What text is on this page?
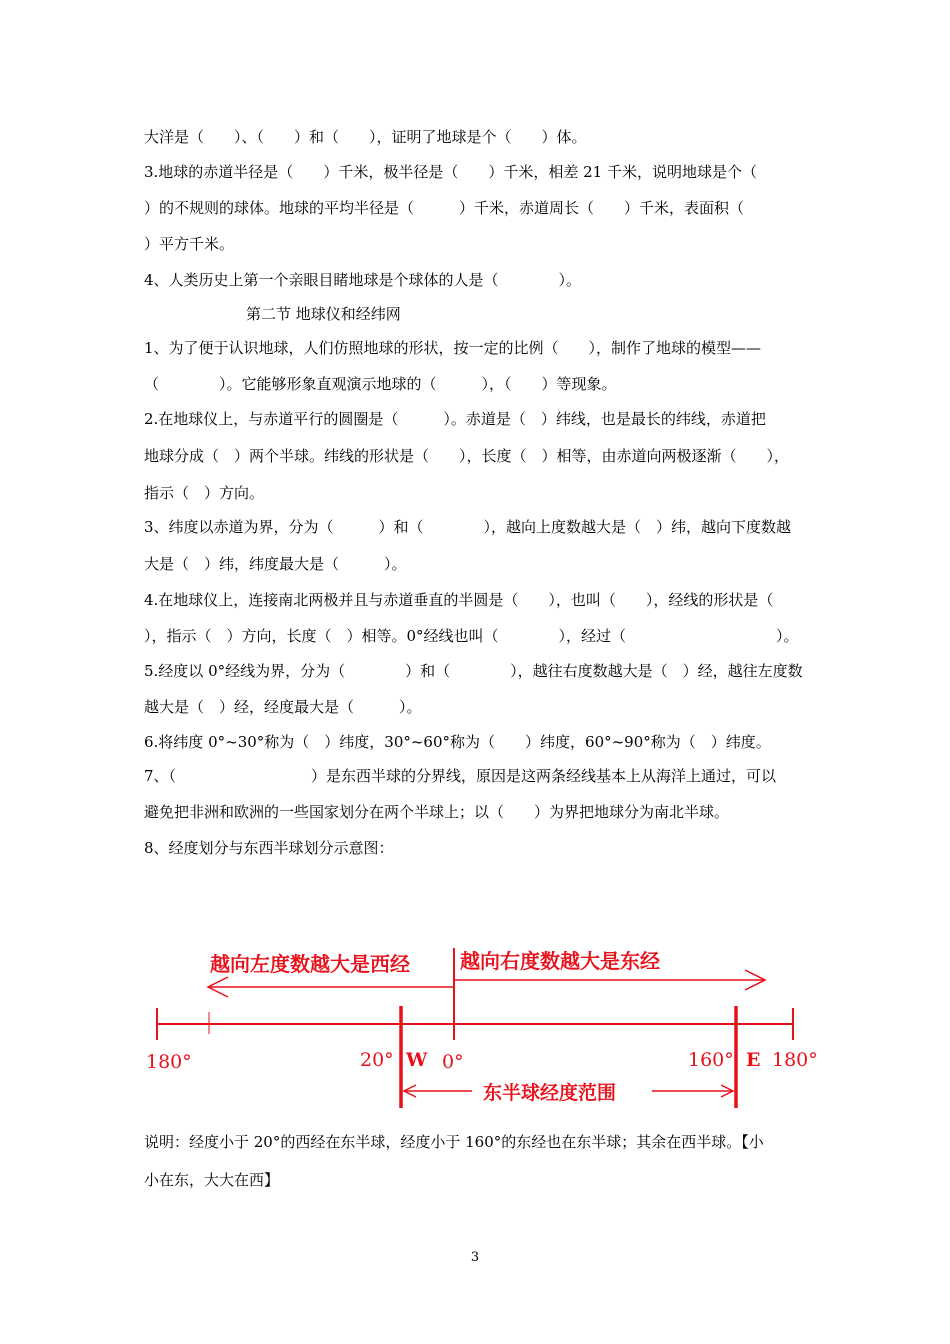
大洋是（　　）、（　　）和（　　），证明了地球是个（　　）体。
3.地球的赤道半径是（　　）千米，极半径是（　　）千米，相差 21 千米，说明地球是个（
）的不规则的球体。地球的平均半径是（　　　）千米，赤道周长（　　）千米，表面积（
）平方千米。
4、人类历史上第一个亲眼目睹地球是个球体的人是（　　　　）。
第二节 地球仪和经纬网
1、为了便于认识地球，人们仿照地球的形状，按一定的比例（　　），制作了地球的模型——
（　　　　）。它能够形象直观演示地球的（　　　），（　　）等现象。
2.在地球仪上，与赤道平行的圆圈是（　　　）。赤道是（　）纬线，也是最长的纬线，赤道把
地球分成（　）两个半球。纬线的形状是（　　），长度（　）相等，由赤道向两极逐渐（　　），
指示（　）方向。
3、纬度以赤道为界，分为（　　　）和（　　　　），越向上度数越大是（　）纬，越向下度数越
大是（　）纬，纬度最大是（　　　）。
4.在地球仪上，连接南北两极并且与赤道垂直的半圆是（　　），也叫（　　），经线的形状是（
），指示（　）方向，长度（　）相等。0°经线也叫（　　　　），经过（　　　　　　　　　　）。
5.经度以 0°经线为界，分为（　　　　）和（　　　　），越往右度数越大是（　）经，越往左度数
越大是（　）经，经度最大是（　　　）。
6.将纬度 0°~30°称为（　）纬度，30°~60°称为（　　）纬度，60°~90°称为（　）纬度。
7、（　　　　　　　　　）是东西半球的分界线，原因是这两条经线基本上从海洋上通过，可以
避免把非洲和欧洲的一些国家划分在两个半球上；以（　　）为界把地球分为南北半球。
8、经度划分与东西半球划分示意图：
越向左度数越大是西经	越向右度数越大是东经
东半球经度范围
180°	20° W 0°	160° E 180°
说明：经度小于 20°的西经在东半球，经度小于 160°的东经也在东半球；其余在西半球。【小
小在东，大大在西】
3
